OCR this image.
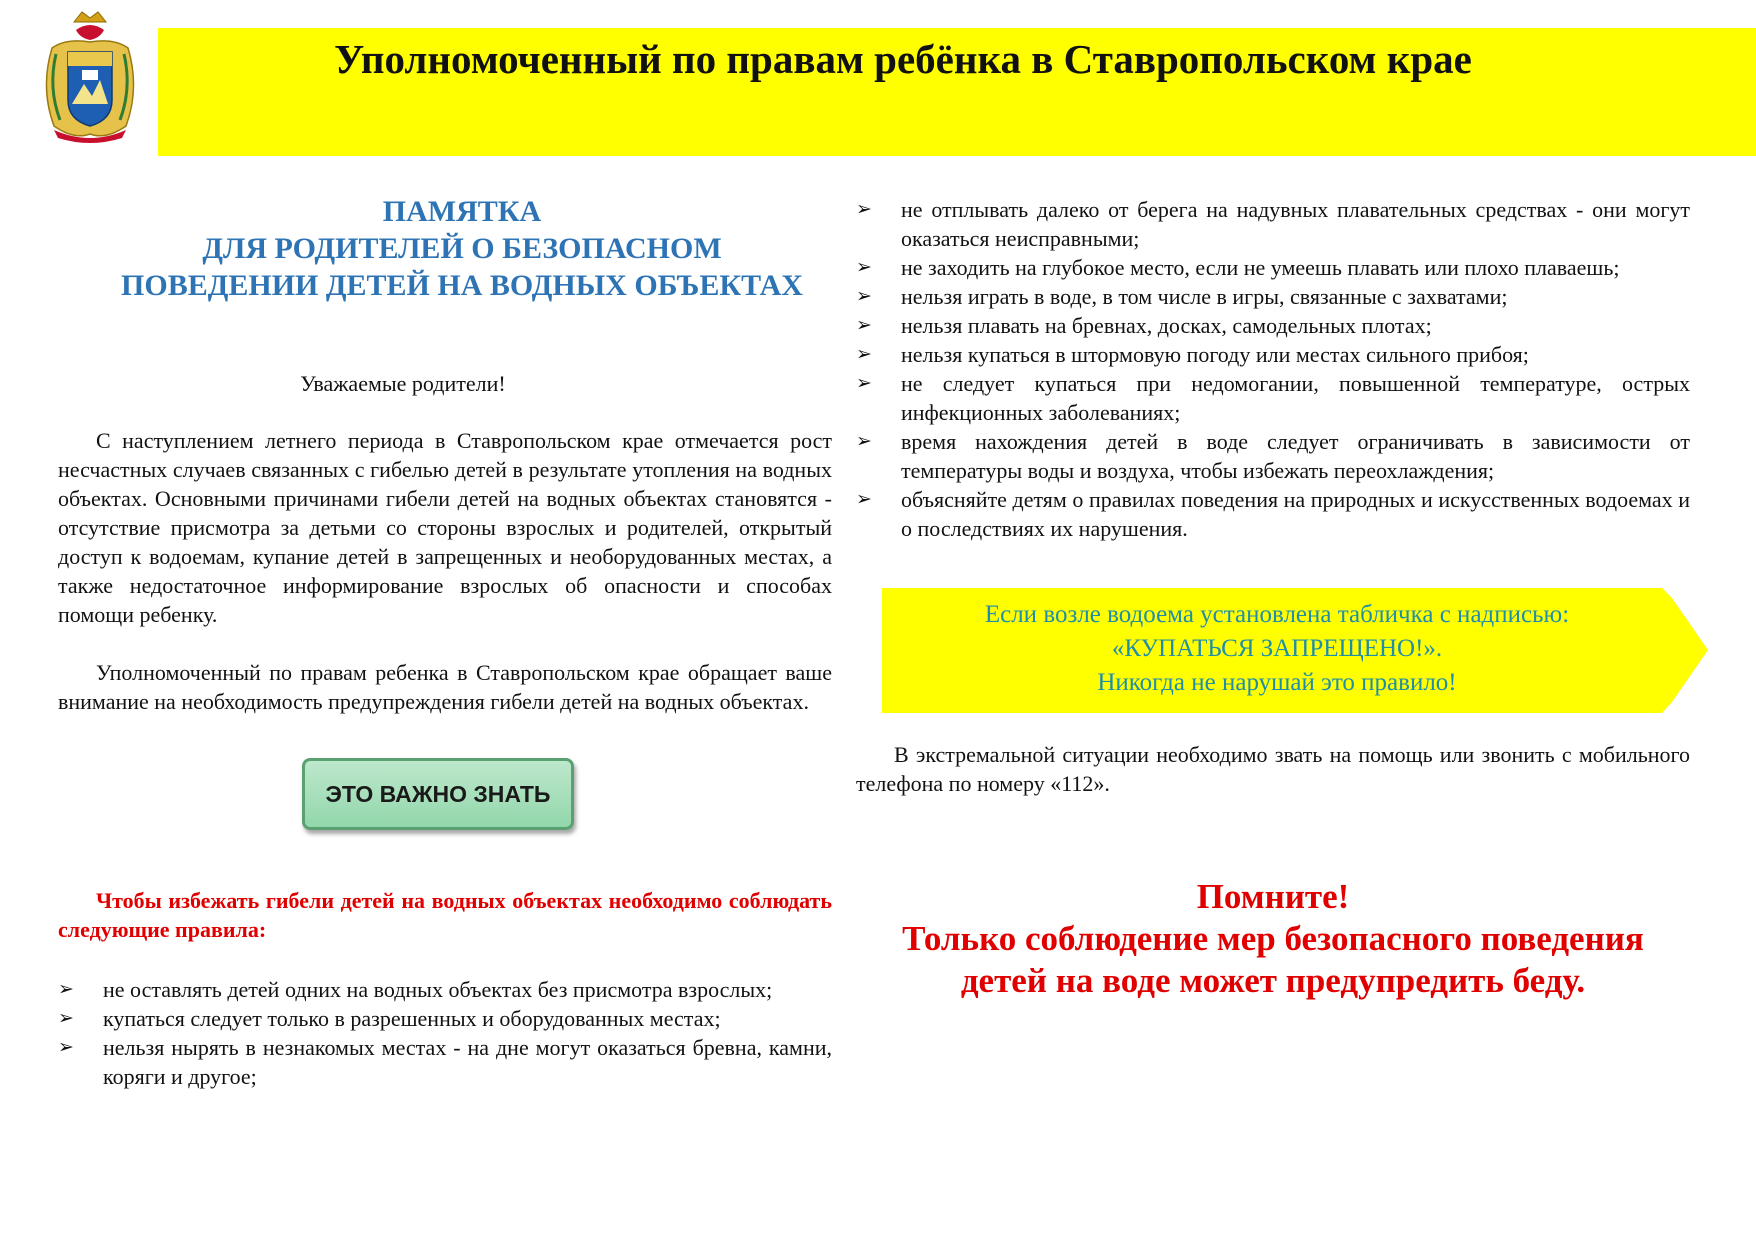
Уполномоченный по правам ребёнка в Ставропольском крае
ПАМЯТКА
ДЛЯ РОДИТЕЛЕЙ О БЕЗОПАСНОМ
ПОВЕДЕНИИ ДЕТЕЙ НА ВОДНЫХ ОБЪЕКТАХ
Уважаемые родители!
С наступлением летнего периода в Ставропольском крае отмечается рост несчастных случаев связанных с гибелью детей в результате утопления на водных объектах. Основными причинами гибели детей на водных объектах становятся - отсутствие присмотра за детьми со стороны взрослых и родителей, открытый доступ к водоемам, купание детей в запрещенных и необорудованных местах, а также недостаточное информирование взрослых об опасности и способах помощи ребенку.
Уполномоченный по правам ребенка в Ставропольском крае обращает ваше внимание на необходимость предупреждения гибели детей на водных объектах.
ЭТО ВАЖНО ЗНАТЬ
Чтобы избежать гибели детей на водных объектах необходимо соблюдать следующие правила:
➢ не оставлять детей одних на водных объектах без присмотра взрослых;
➢ купаться следует только в разрешенных и оборудованных местах;
➢ нельзя нырять в незнакомых местах - на дне могут оказаться бревна, камни, коряги и другое;
➢ не отплывать далеко от берега на надувных плавательных средствах - они могут оказаться неисправными;
➢ не заходить на глубокое место, если не умеешь плавать или плохо плаваешь;
➢ нельзя играть в воде, в том числе в игры, связанные с захватами;
➢ нельзя плавать на бревнах, досках, самодельных плотах;
➢ нельзя купаться в штормовую погоду или местах сильного прибоя;
➢ не следует купаться при недомогании, повышенной температуре, острых инфекционных заболеваниях;
➢ время нахождения детей в воде следует ограничивать в зависимости от температуры воды и воздуха, чтобы избежать переохлаждения;
➢ объясняйте детям о правилах поведения на природных и искусственных водоемах и о последствиях их нарушения.
Если возле водоема установлена табличка с надписью:
«КУПАТЬСЯ ЗАПРЕЩЕНО!».
Никогда не нарушай это правило!
В экстремальной ситуации необходимо звать на помощь или звонить с мобильного телефона по номеру «112».
Помните!
Только соблюдение мер безопасного поведения
детей на воде может предупредить беду.
